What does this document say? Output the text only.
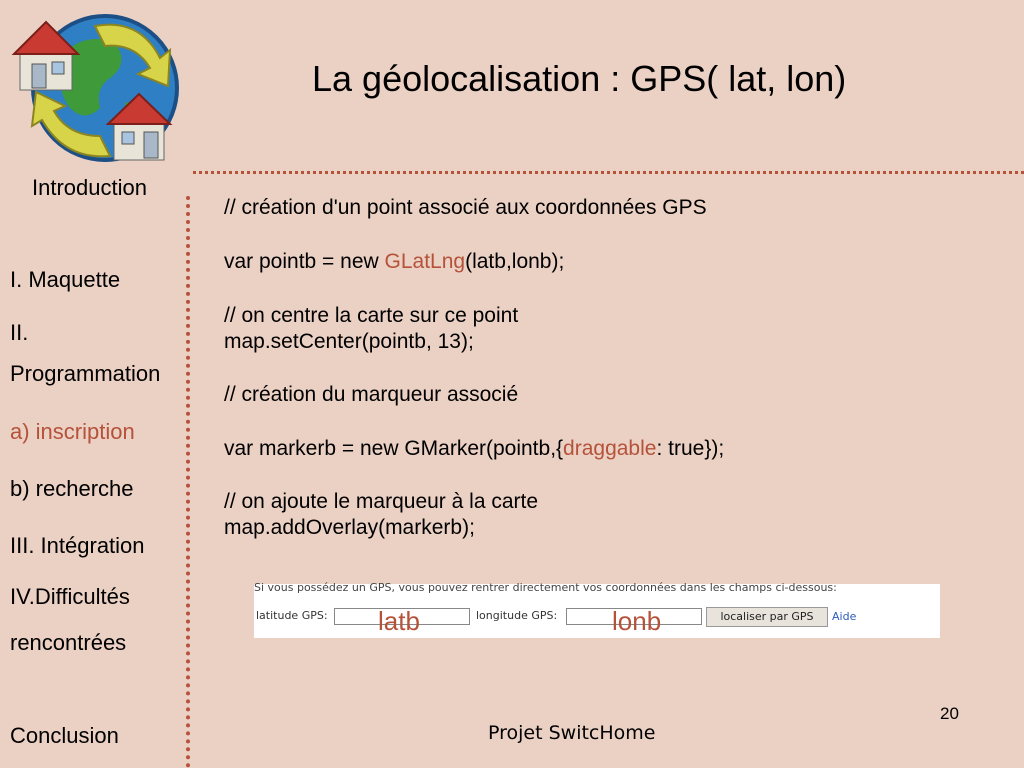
La géolocalisation : GPS( lat, lon)
Introduction
I. Maquette
II.
Programmation
a) inscription
b) recherche
III. Intégration
IV.Difficultés
rencontrées
Conclusion
// création d'un point associé aux coordonnées GPS
var pointb = new GLatLng(latb,lonb);
// on centre la carte sur ce point
map.setCenter(pointb, 13);
// création du marqueur associé
var markerb = new GMarker(pointb,{draggable: true});
// on ajoute le marqueur à la carte
map.addOverlay(markerb);
Si vous possédez un GPS, vous pouvez rentrer directement vos coordonnées dans les champs ci-dessous:
latitude GPS:	longitude GPS:	localiser par GPS	Aide
latb	lonb
20
Projet SwitcHome
